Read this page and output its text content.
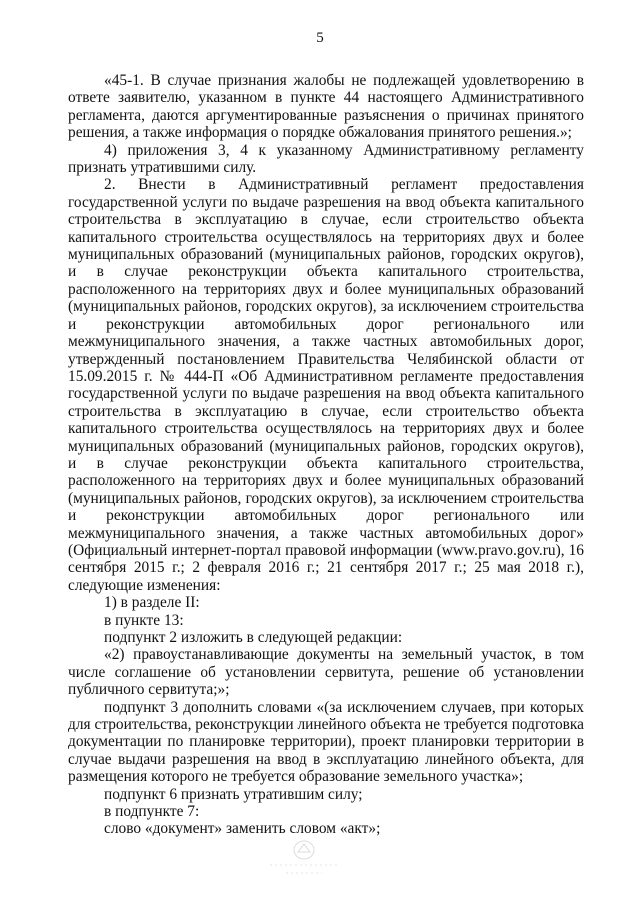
5

«45-1. В случае признания жалобы не подлежащей удовлетворению в ответе заявителю, указанном в пункте 44 настоящего Административного регламента, даются аргументированные разъяснения о причинах принятого решения, а также информация о порядке обжалования принятого решения.»;

4) приложения 3, 4 к указанному Административному регламенту признать утратившими силу.

2. Внести в Административный регламент предоставления государственной услуги по выдаче разрешения на ввод объекта капитального строительства в эксплуатацию в случае, если строительство объекта капитального строительства осуществлялось на территориях двух и более муниципальных образований (муниципальных районов, городских округов), и в случае реконструкции объекта капитального строительства, расположенного на территориях двух и более муниципальных образований (муниципальных районов, городских округов), за исключением строительства и реконструкции автомобильных дорог регионального или межмуниципального значения, а также частных автомобильных дорог, утвержденный постановлением Правительства Челябинской области от 15.09.2015 г. № 444-П «Об Административном регламенте предоставления государственной услуги по выдаче разрешения на ввод объекта капитального строительства в эксплуатацию в случае, если строительство объекта капитального строительства осуществлялось на территориях двух и более муниципальных образований (муниципальных районов, городских округов), и в случае реконструкции объекта капитального строительства, расположенного на территориях двух и более муниципальных образований (муниципальных районов, городских округов), за исключением строительства и реконструкции автомобильных дорог регионального или межмуниципального значения, а также частных автомобильных дорог» (Официальный интернет-портал правовой информации (www.pravo.gov.ru), 16 сентября 2015 г.; 2 февраля 2016 г.; 21 сентября 2017 г.; 25 мая 2018 г.), следующие изменения:

1) в разделе II:

в пункте 13:

подпункт 2 изложить в следующей редакции:

«2) правоустанавливающие документы на земельный участок, в том числе соглашение об установлении сервитута, решение об установлении публичного сервитута;»;

подпункт 3 дополнить словами «(за исключением случаев, при которых для строительства, реконструкции линейного объекта не требуется подготовка документации по планировке территории), проект планировки территории в случае выдачи разрешения на ввод в эксплуатацию линейного объекта, для размещения которого не требуется образование земельного участка»;

подпункт 6 признать утратившим силу;

в подпункте 7:

слово «документ» заменить словом «акт»;
